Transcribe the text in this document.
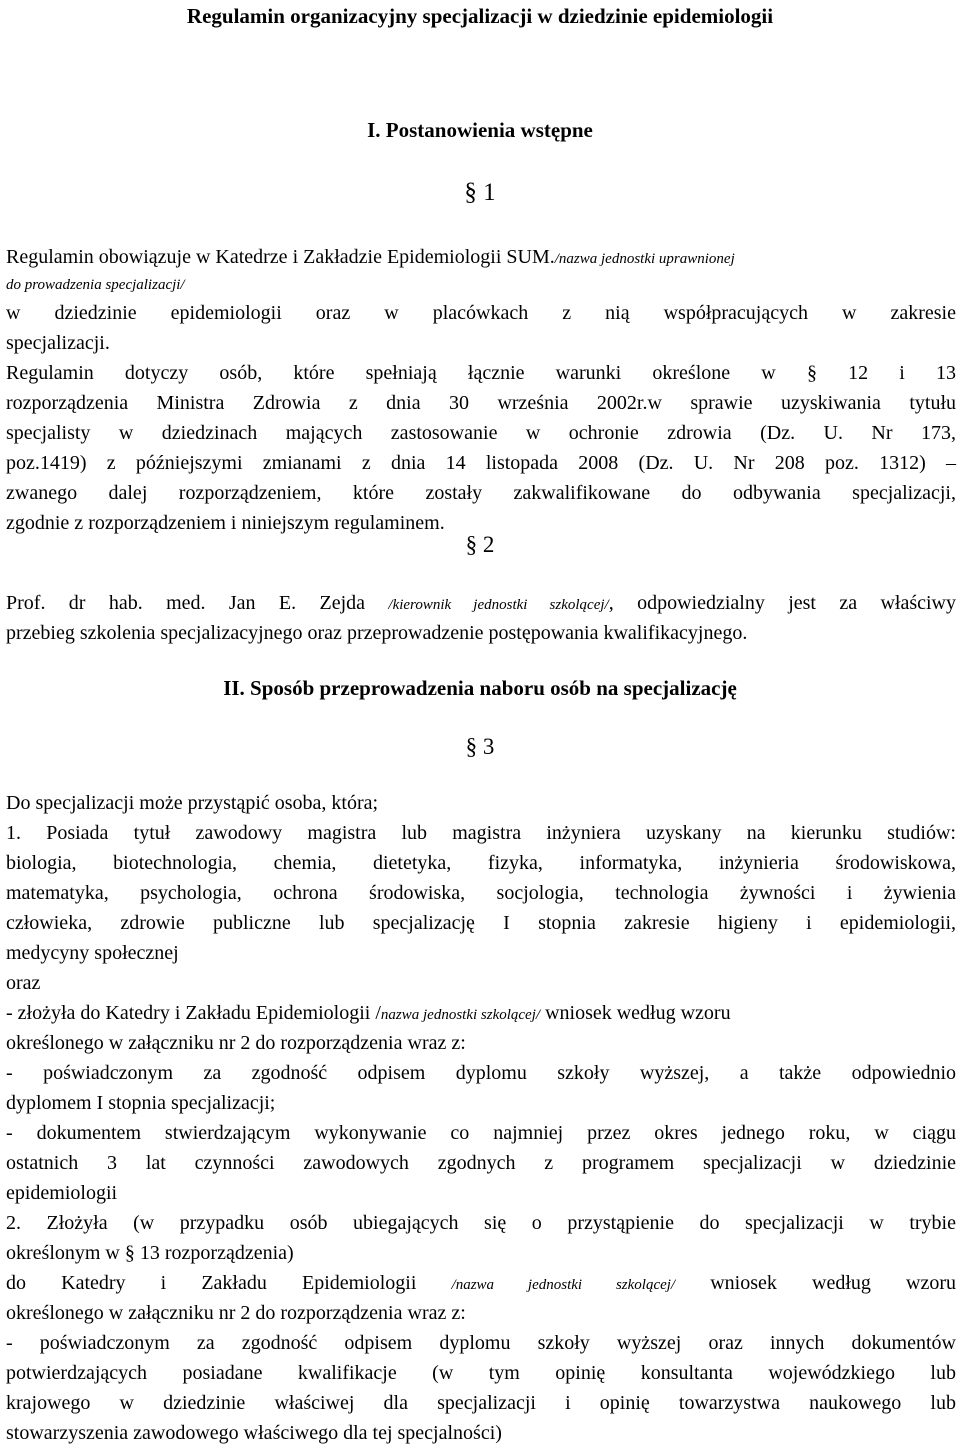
Regulamin organizacyjny specjalizacji w dziedzinie epidemiologii
I. Postanowienia wstępne
§ 1
Regulamin obowiązuje w Katedrze i Zakładzie Epidemiologii SUM./nazwa jednostki uprawnionej
do prowadzenia specjalizacji/
w dziedzinie epidemiologii oraz w placówkach z nią współpracujących w zakresie
specjalizacji.
Regulamin dotyczy osób, które spełniają łącznie warunki określone w § 12 i 13
rozporządzenia Ministra Zdrowia z dnia 30 września 2002r.w sprawie uzyskiwania tytułu
specjalisty w dziedzinach mających zastosowanie w ochronie zdrowia (Dz. U. Nr 173,
poz.1419) z późniejszymi zmianami z dnia 14 listopada 2008 (Dz. U. Nr 208 poz. 1312) –
zwanego dalej rozporządzeniem, które zostały zakwalifikowane do odbywania specjalizacji,
zgodnie z rozporządzeniem i niniejszym regulaminem.
§ 2
Prof. dr hab. med. Jan E. Zejda /kierownik jednostki szkolącej/, odpowiedzialny jest za właściwy
przebieg szkolenia specjalizacyjnego oraz przeprowadzenie postępowania kwalifikacyjnego.
II. Sposób przeprowadzenia naboru osób na specjalizację
§ 3
Do specjalizacji może przystąpić osoba, która;
1. Posiada tytuł zawodowy magistra lub magistra inżyniera uzyskany na kierunku studiów:
biologia, biotechnologia, chemia, dietetyka, fizyka, informatyka, inżynieria środowiskowa,
matematyka, psychologia, ochrona środowiska, socjologia, technologia żywności i żywienia
człowieka, zdrowie publiczne lub specjalizację I stopnia zakresie higieny i epidemiologii,
medycyny społecznej
oraz
- złożyła do Katedry i Zakładu Epidemiologii /nazwa jednostki szkolącej/ wniosek według wzoru
określonego w załączniku nr 2 do rozporządzenia wraz z:
- poświadczonym za zgodność odpisem dyplomu szkoły wyższej, a także odpowiednio
dyplomem I stopnia specjalizacji;
- dokumentem stwierdzającym wykonywanie co najmniej przez okres jednego roku, w ciągu
ostatnich 3 lat czynności zawodowych zgodnych z programem specjalizacji w dziedzinie
epidemiologii
2. Złożyła (w przypadku osób ubiegających się o przystąpienie do specjalizacji w trybie
określonym w § 13 rozporządzenia)
do Katedry i Zakładu Epidemiologii /nazwa jednostki szkolącej/ wniosek według wzoru
określonego w załączniku nr 2 do rozporządzenia wraz z:
- poświadczonym za zgodność odpisem dyplomu szkoły wyższej oraz innych dokumentów
potwierdzających posiadane kwalifikacje (w tym opinię konsultanta wojewódzkiego lub
krajowego w dziedzinie właściwej dla specjalizacji i opinię towarzystwa naukowego lub
stowarzyszenia zawodowego właściwego dla tej specjalności)
